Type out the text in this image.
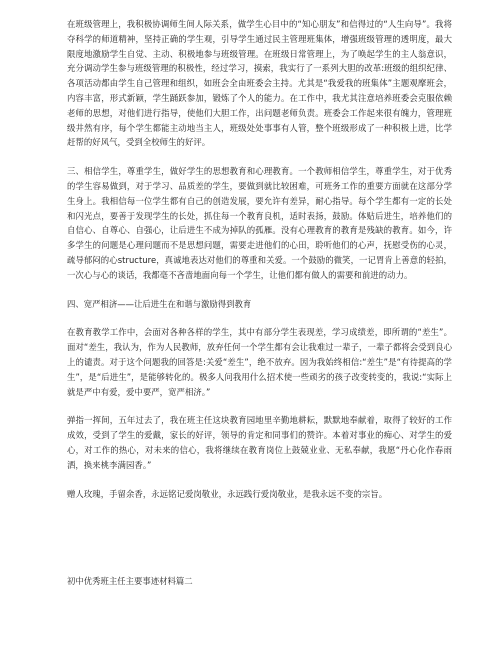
在班级管理上，我积极协调师生间人际关系，做学生心目中的“知心朋友”和信得过的“人生向导”。我将夺科学的师道精神，坚持正确的学生观，引导学生通过民主管理班集体，增强班级管理的透明度，最大限度地激励学生自觉、主动、积极地参与班级管理。在班级日常管理上，为了唤起学生的主人翁意识，充分调动学生参与班级管理的积极性，经过学习，摸索，我实行了一系列大胆的改革:班级的组织纪律、各项活动都由学生自己管理和组织，如班会全由班委会主持。尤其是“我爱我的班集体”主题观摩班会，内容丰富，形式新颖，学生踊跃参加，锻炼了个人的能力。在工作中，我尤其注意培养班委会克服依赖老师的思想，对他们进行指导，使他们大胆工作，出问题老师负责。班委会工作起来很有魄力，管理班级井然有序，每个学生都能主动地当主人，班级处处事事有人管，整个班级形成了一种积极上进，比学赶帮的好风气，受到全校师生的好评。

三、相信学生，尊重学生，做好学生的思想教育和心理教育。一个教师相信学生，尊重学生，对于优秀的学生容易做到，对于学习、品质差的学生，要做到就比较困难，可班务工作的重要方面就在这部分学生身上。我相信每一位学生都有自己的创造发展，要允许有差异，耐心指导。每个学生都有一定的长处和闪光点，要善于发现学生的长处，抓住每一个教育良机，适时表扬，鼓励。体贴后进生，培养他们的自信心、自尊心、自强心，让后进生不成为掉队的孤雁。没有心理教育的教育是残缺的教育。如今，许多学生的问题是心理问题而不是思想问题，需要走进他们的心田，聆听他们的心声，抚慰受伤的心灵，疏导郁闷的心structure，真诚地表达对他们的尊重和关爱。一个鼓励的微笑，一记胃肯上善意的轻拍，一次心与心的谈话，我都毫不吝啬地面向每一个学生，让他们都有做人的需要和前进的动力。

四、宽严相济——让后进生在和谐与激励得到教育

在教育教学工作中，会面对各种各样的学生，其中有部分学生表现差，学习成绩差，即所谓的“差生”。面对“差生，我认为，作为人民教师，放弃任何一个学生都有会让我难过一辈子，一辈子都将会受到良心上的谴责。对于这个问题我的回答是:关爱“差生”，绝不放弃。因为我始终相信:“差生”是“有待提高的学生”，是“后进生”，是能够转化的。极多人问我用什么招术使一些顽劣的孩子改变转变的，我说:“实际上就是严中有爱，爱中要严，宽严相济。”

弹指一挥间，五年过去了，我在班主任这块教育园地里辛勤地耕耘，默默地奉献着，取得了较好的工作成效，受到了学生的爱戴，家长的好评，领导的肯定和同事们的赞许。本着对事业的痴心、对学生的爱心，对工作的热心，对未来的信心，我将继续在教育岗位上鼓兢业业、无私奉献，我愿“丹心化作春雨洒，换来桃李满园香。”

赠人玫瑰，手留余香，永远铭记爱岗敬业，永远践行爱岗敬业，是我永远不变的宗旨。

初中优秀班主任主要事迹材料篇二
